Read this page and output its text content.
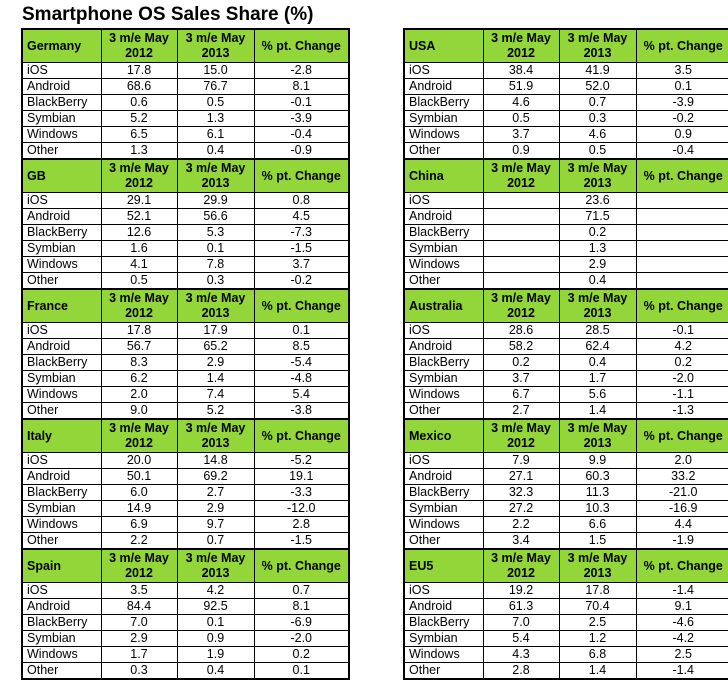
Smartphone OS Sales Share (%)
Germany	3 m/e May 2012	3 m/e May 2013	% pt. Change
iOS	17.8	15.0	-2.8
Android	68.6	76.7	8.1
BlackBerry	0.6	0.5	-0.1
Symbian	5.2	1.3	-3.9
Windows	6.5	6.1	-0.4
Other	1.3	0.4	-0.9
GB	3 m/e May 2012	3 m/e May 2013	% pt. Change
iOS	29.1	29.9	0.8
Android	52.1	56.6	4.5
BlackBerry	12.6	5.3	-7.3
Symbian	1.6	0.1	-1.5
Windows	4.1	7.8	3.7
Other	0.5	0.3	-0.2
France	3 m/e May 2012	3 m/e May 2013	% pt. Change
iOS	17.8	17.9	0.1
Android	56.7	65.2	8.5
BlackBerry	8.3	2.9	-5.4
Symbian	6.2	1.4	-4.8
Windows	2.0	7.4	5.4
Other	9.0	5.2	-3.8
Italy	3 m/e May 2012	3 m/e May 2013	% pt. Change
iOS	20.0	14.8	-5.2
Android	50.1	69.2	19.1
BlackBerry	6.0	2.7	-3.3
Symbian	14.9	2.9	-12.0
Windows	6.9	9.7	2.8
Other	2.2	0.7	-1.5
Spain	3 m/e May 2012	3 m/e May 2013	% pt. Change
iOS	3.5	4.2	0.7
Android	84.4	92.5	8.1
BlackBerry	7.0	0.1	-6.9
Symbian	2.9	0.9	-2.0
Windows	1.7	1.9	0.2
Other	0.3	0.4	0.1
USA	3 m/e May 2012	3 m/e May 2013	% pt. Change
iOS	38.4	41.9	3.5
Android	51.9	52.0	0.1
BlackBerry	4.6	0.7	-3.9
Symbian	0.5	0.3	-0.2
Windows	3.7	4.6	0.9
Other	0.9	0.5	-0.4
China	3 m/e May 2012	3 m/e May 2013	% pt. Change
iOS		23.6	
Android		71.5	
BlackBerry		0.2	
Symbian		1.3	
Windows		2.9	
Other		0.4	
Australia	3 m/e May 2012	3 m/e May 2013	% pt. Change
iOS	28.6	28.5	-0.1
Android	58.2	62.4	4.2
BlackBerry	0.2	0.4	0.2
Symbian	3.7	1.7	-2.0
Windows	6.7	5.6	-1.1
Other	2.7	1.4	-1.3
Mexico	3 m/e May 2012	3 m/e May 2013	% pt. Change
iOS	7.9	9.9	2.0
Android	27.1	60.3	33.2
BlackBerry	32.3	11.3	-21.0
Symbian	27.2	10.3	-16.9
Windows	2.2	6.6	4.4
Other	3.4	1.5	-1.9
EU5	3 m/e May 2012	3 m/e May 2013	% pt. Change
iOS	19.2	17.8	-1.4
Android	61.3	70.4	9.1
BlackBerry	7.0	2.5	-4.6
Symbian	5.4	1.2	-4.2
Windows	4.3	6.8	2.5
Other	2.8	1.4	-1.4
